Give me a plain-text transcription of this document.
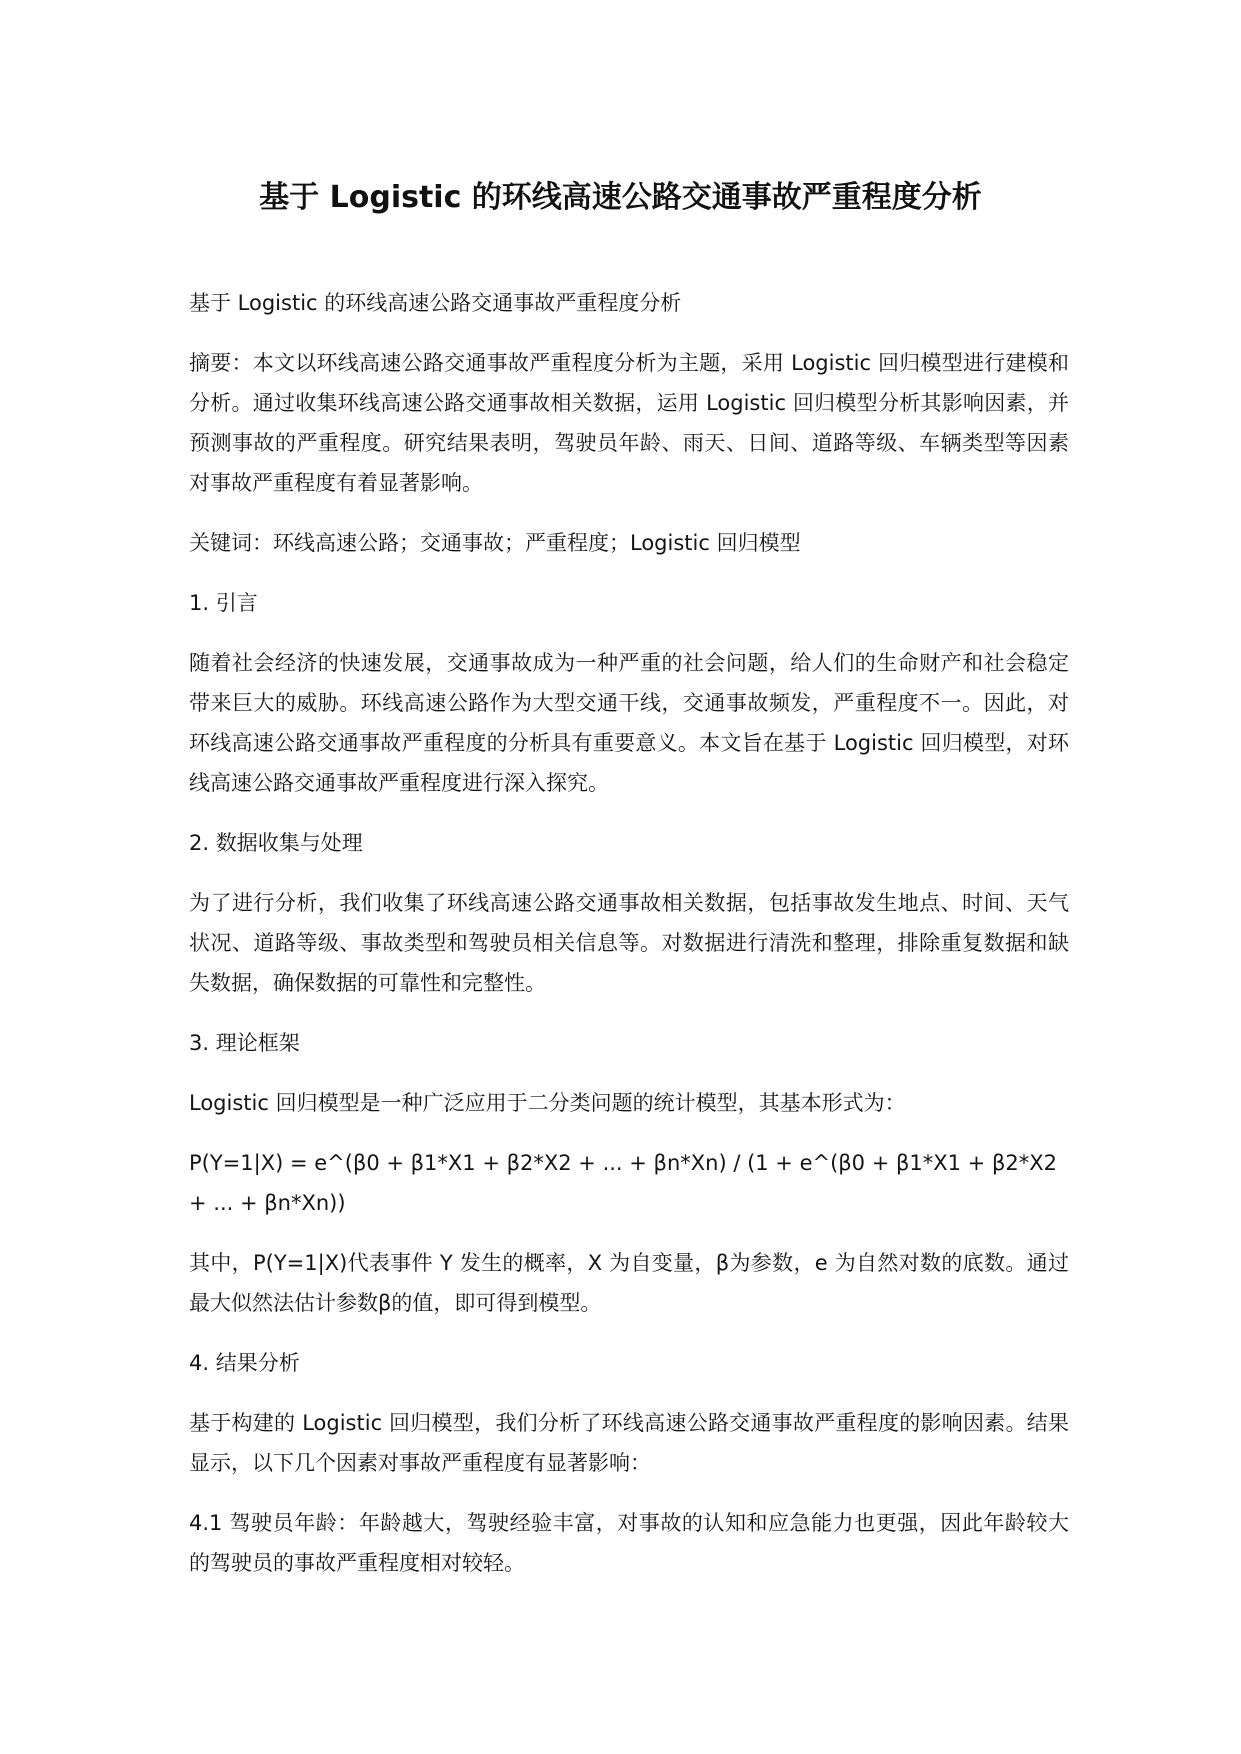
基于 Logistic 的环线高速公路交通事故严重程度分析

基于 Logistic 的环线高速公路交通事故严重程度分析

摘要：本文以环线高速公路交通事故严重程度分析为主题，采用 Logistic 回归模型进行建模和分析。通过收集环线高速公路交通事故相关数据，运用 Logistic 回归模型分析其影响因素，并预测事故的严重程度。研究结果表明，驾驶员年龄、雨天、日间、道路等级、车辆类型等因素对事故严重程度有着显著影响。

关键词：环线高速公路；交通事故；严重程度；Logistic 回归模型

1. 引言

随着社会经济的快速发展，交通事故成为一种严重的社会问题，给人们的生命财产和社会稳定带来巨大的威胁。环线高速公路作为大型交通干线，交通事故频发，严重程度不一。因此，对环线高速公路交通事故严重程度的分析具有重要意义。本文旨在基于 Logistic 回归模型，对环线高速公路交通事故严重程度进行深入探究。

2. 数据收集与处理

为了进行分析，我们收集了环线高速公路交通事故相关数据，包括事故发生地点、时间、天气状况、道路等级、事故类型和驾驶员相关信息等。对数据进行清洗和整理，排除重复数据和缺失数据，确保数据的可靠性和完整性。

3. 理论框架

Logistic 回归模型是一种广泛应用于二分类问题的统计模型，其基本形式为：

P(Y=1|X) = e^(β0 + β1*X1 + β2*X2 + ... + βn*Xn) / (1 + e^(β0 + β1*X1 + β2*X2 + ... + βn*Xn))

其中，P(Y=1|X)代表事件 Y 发生的概率，X 为自变量，β为参数，e 为自然对数的底数。通过最大似然法估计参数β的值，即可得到模型。

4. 结果分析

基于构建的 Logistic 回归模型，我们分析了环线高速公路交通事故严重程度的影响因素。结果显示，以下几个因素对事故严重程度有显著影响：

4.1 驾驶员年龄：年龄越大，驾驶经验丰富，对事故的认知和应急能力也更强，因此年龄较大的驾驶员的事故严重程度相对较轻。
